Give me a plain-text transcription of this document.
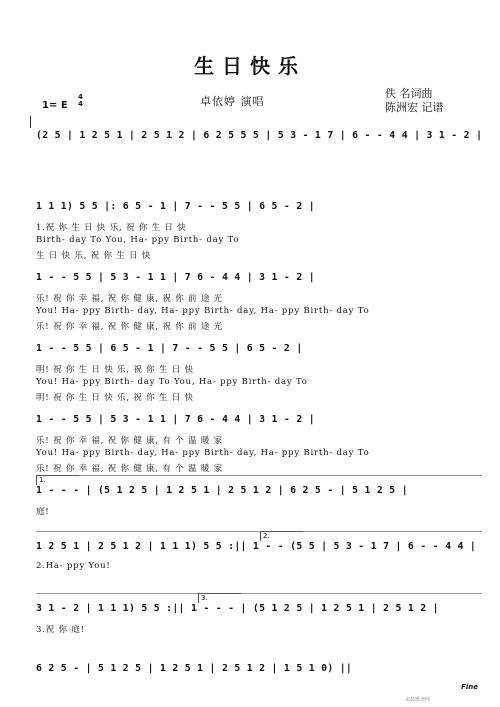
生日快乐
卓依婷 演唱
佚 名词曲
陈洲宏 记谱
1= E
4
4
(2 5 | 1 2 5 1 | 2 5 1 2 | 6 2 5 5 5 | 5 3 - 1 7 | 6 - - 4 4 | 3 1 - 2 |
1 1 1) 5 5 |: 6 5 - 1 | 7 - - 5 5 | 6 5 - 2 |
1.祝 你 生 日 快 乐, 祝 你 生 日 快
Birth- day To You, Ha- ppy Birth- day To
生 日 快 乐, 祝 你 生 日 快
1 - - 5 5 | 5 3 - 1 1 | 7 6 - 4 4 | 3 1 - 2 |
乐! 祝 你 幸 福, 祝 你 健 康, 祝 你 前 途 光
You! Ha- ppy Birth- day, Ha- ppy Birth- day, Ha- ppy Birth- day To
乐! 祝 你 幸 福, 祝 你 健 康, 祝 你 前 途 光
1 - - 5 5 | 6 5 - 1 | 7 - - 5 5 | 6 5 - 2 |
明! 祝 你 生 日 快 乐, 祝 你 生 日 快
You! Ha- ppy Birth- day To You, Ha- ppy Birth- day To
明! 祝 你 生 日 快 乐, 祝 你 生 日 快
1 - - 5 5 | 5 3 - 1 1 | 7 6 - 4 4 | 3 1 - 2 |
乐! 祝 你 幸 福, 祝 你 健 康, 有 个 温 暖 家
You! Ha- ppy Birth- day, Ha- ppy Birth- day, Ha- ppy Birth- day To
乐! 祝 你 幸 福, 祝 你 健 康, 有 个 温 暖 家
1.
1 - - - | (5 1 2 5 | 1 2 5 1 | 2 5 1 2 | 6 2 5 - | 5 1 2 5 |
庭!
2.
1 2 5 1 | 2 5 1 2 | 1 1 1) 5 5 :|| 1 - - (5 5 | 5 3 - 1 7 | 6 - - 4 4 |
2.Ha- ppy You!
3.
3 1 - 2 | 1 1 1) 5 5 :|| 1 - - - | (5 1 2 5 | 1 2 5 1 | 2 5 1 2 |
3.祝 你 庭!
6 2 5 - | 5 1 2 5 | 1 2 5 1 | 2 5 1 2 | 1 5 1 0) ||
Fine
来源歌谱网
